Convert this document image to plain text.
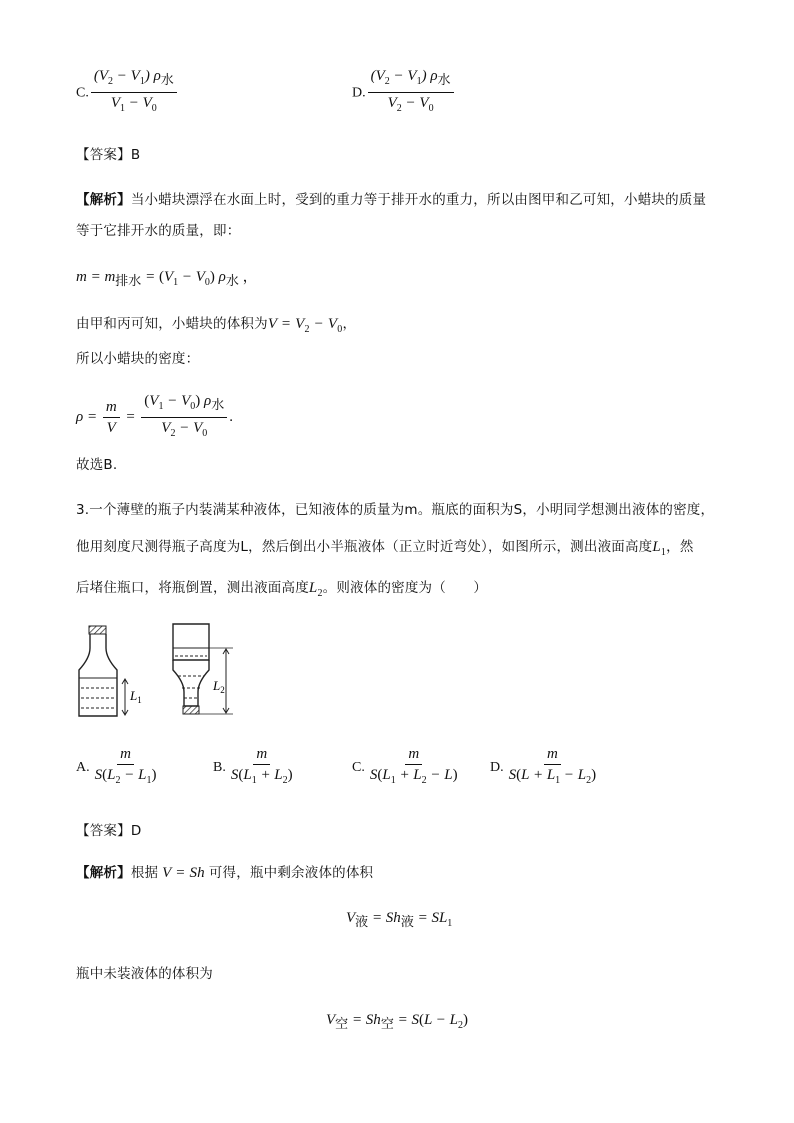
C. $\frac{(V_2 - V_1) \rho_水}{V_1 - V_0}$	D. $\frac{(V_2 - V_1) \rho_水}{V_2 - V_0}$
【答案】B
【解析】当小蜡块漂浮在水面上时，受到的重力等于排开水的重力，所以由图甲和乙可知，小蜡块的质量
等于它排开水的质量，即：
$m = m_{排水} = (V_1 - V_0)$ $\rho_水$ ，
由甲和丙可知，小蜡块的体积为$V = V_2 - V_0$，
所以小蜡块的密度：
$\rho = \frac{m}{V} = \frac{(V_1 - V_0) \rho_水}{V_2 - V_0}$ .
故选B.
3.一个薄壁的瓶子内装满某种液体，已知液体的质量为m。瓶底的面积为S，小明同学想测出液体的密度，
他用刻度尺测得瓶子高度为L，然后倒出小半瓶液体（正立时近弯处），如图所示，测出液面高度$L_1$，然
后堵住瓶口，将瓶倒置，测出液面高度$L_2$。则液体的密度为（　　）
$L_1$
$L_2$
A. $\frac{m}{S(L_2 - L_1)}$	B. $\frac{m}{S(L_1 + L_2)}$	C. $\frac{m}{S(L_1 + L_2 - L)} D$. $\frac{m}{S(L + L_1 - L_2)}$
【答案】D
【解析】根据 V = Sh 可得，瓶中剩余液体的体积
$V_液 = Sh_液 = SL_1$
瓶中未装液体的体积为
$V_空 = Sh_空 = S(L - L_2)$
